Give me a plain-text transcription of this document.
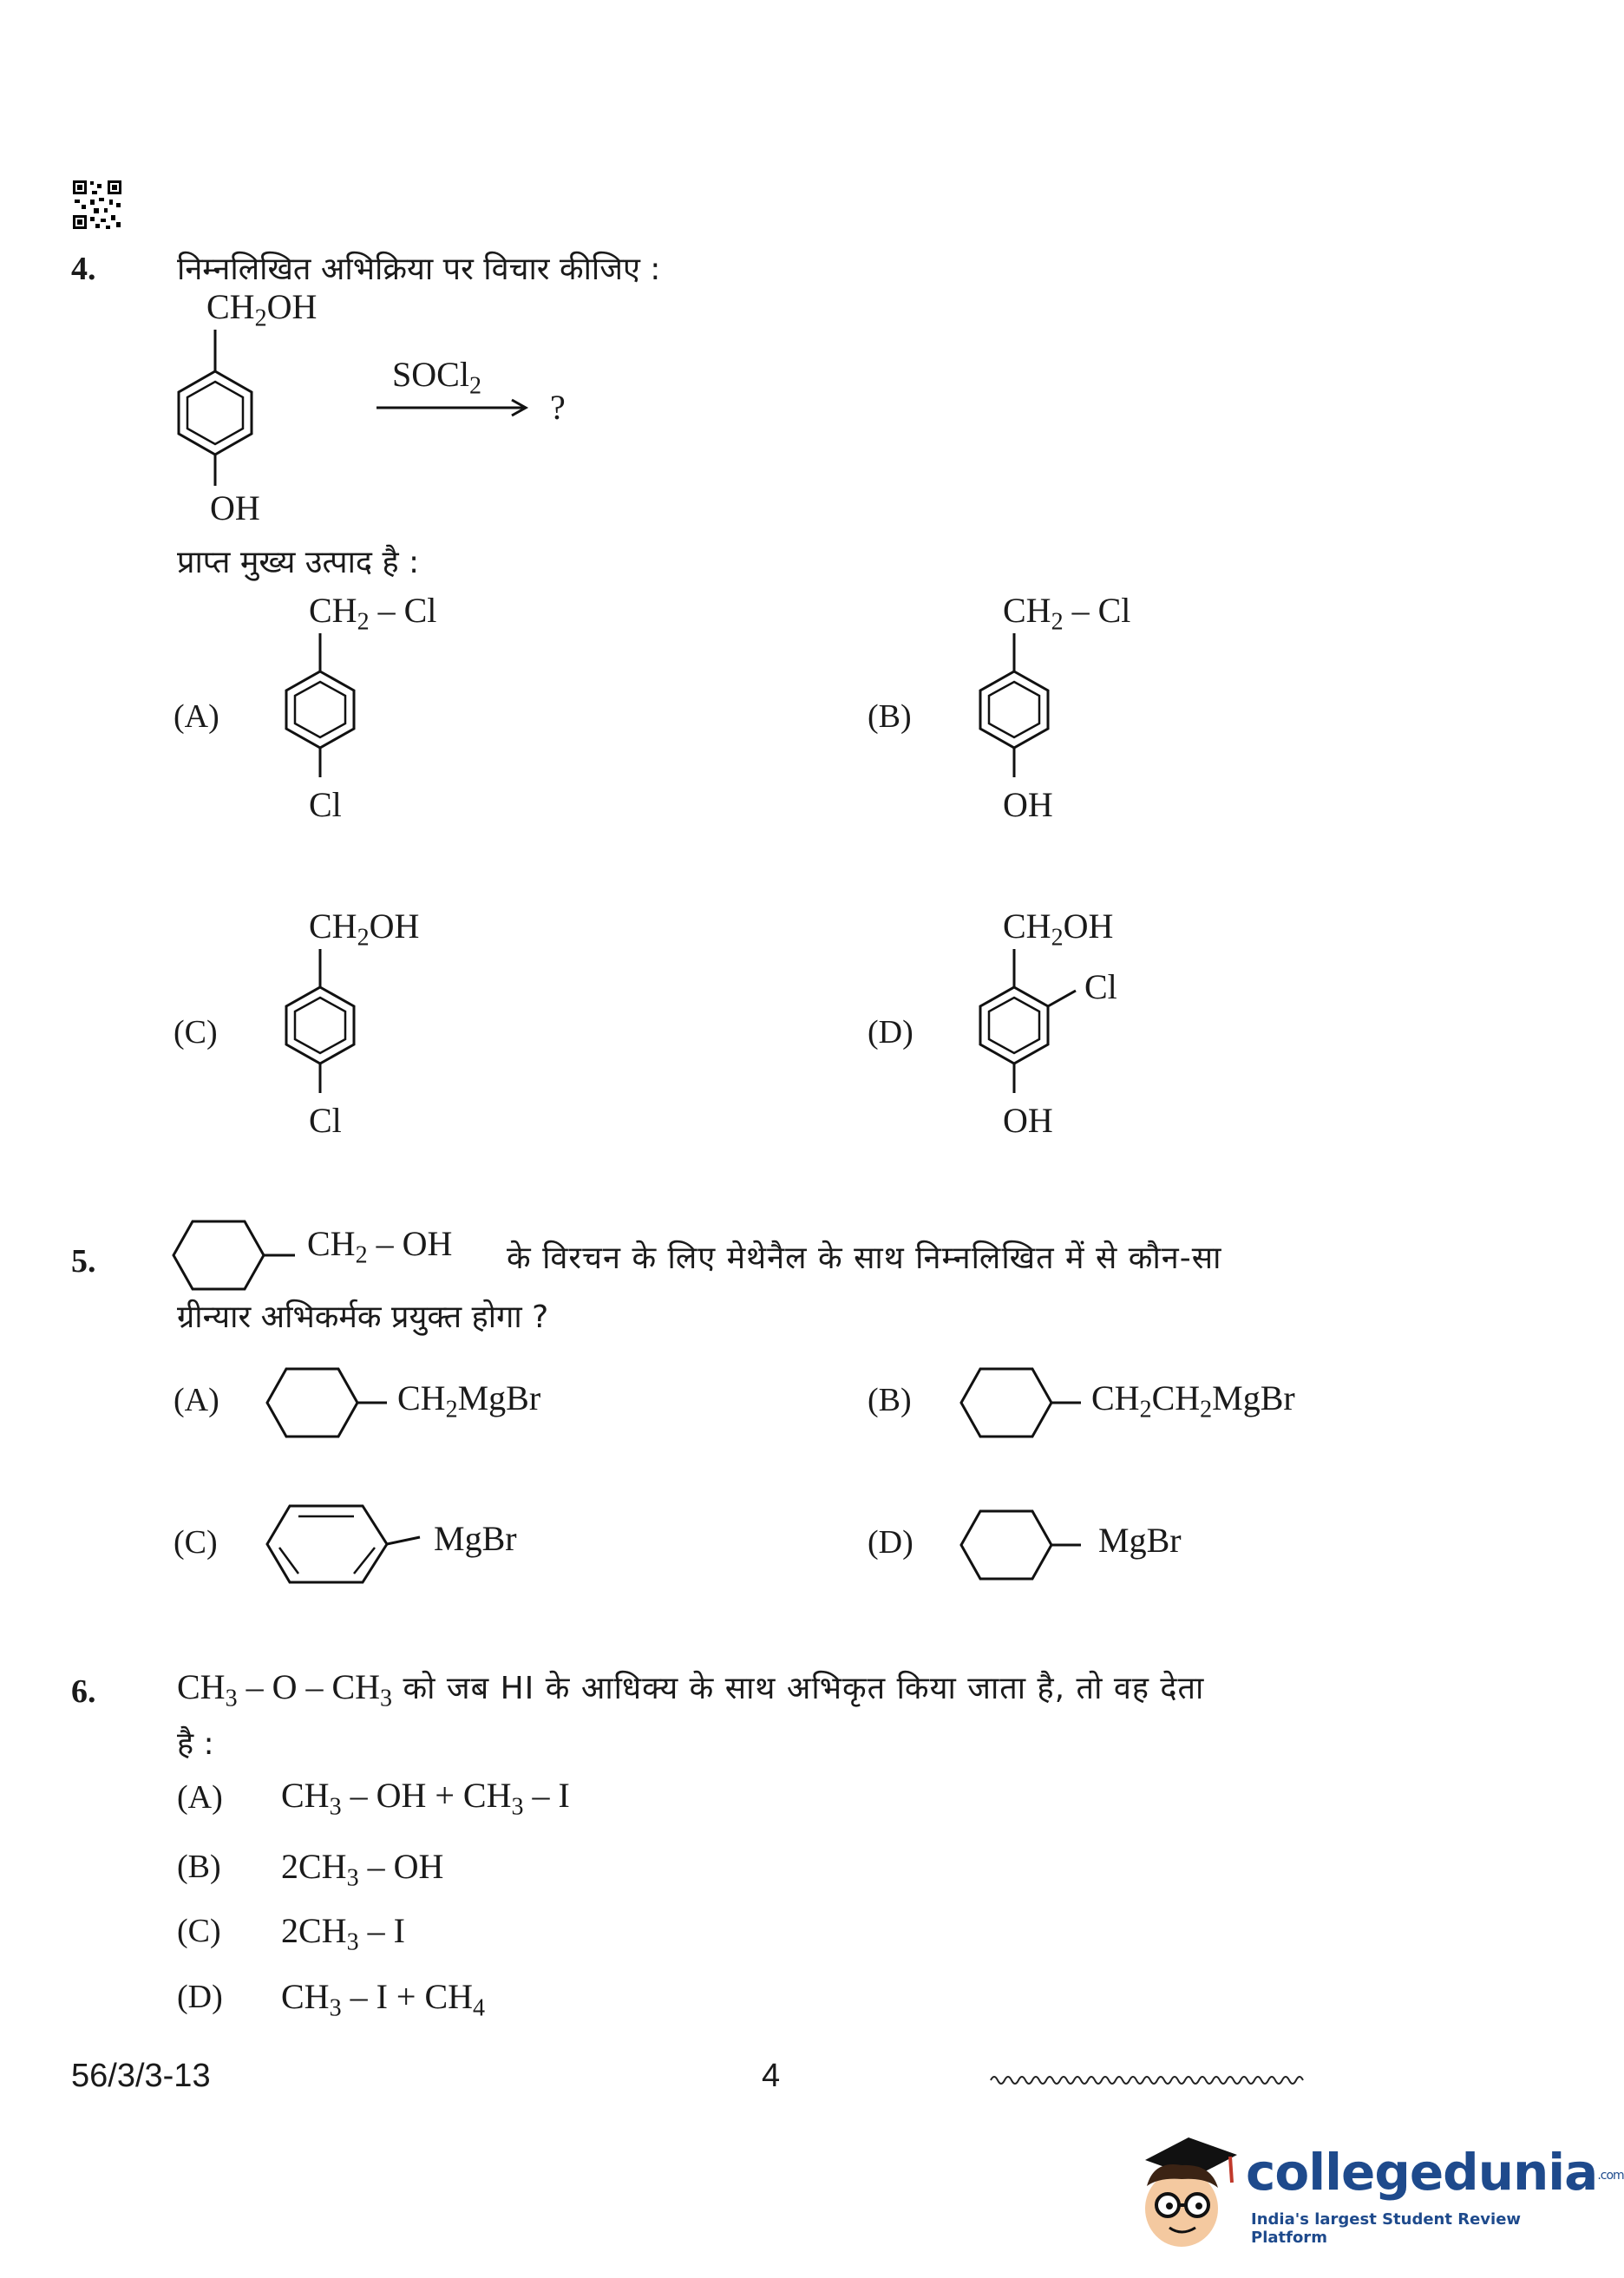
4.	निम्नलिखित अभिक्रिया पर विचार कीजिए :
$CH_2OH$
OH
SOCl$_2$
?
प्राप्त मुख्य उत्पाद है :
(A)
$CH_2$ – Cl
Cl
(B)
$CH_2$ – Cl
OH
(C)
$CH_2OH$
Cl
(D)
$CH_2OH$
Cl
OH
5.	$CH_2$ – OH के विरचन के लिए मेथेनैल के साथ निम्नलिखित में से कौन-सा
ग्रीन्यार अभिकर्मक प्रयुक्त होगा ?
(A)	$CH_2MgBr$	(B)	$CH_2CH_2MgBr$
(C)	MgBr	(D)	MgBr
6. $CH_3$ – O – $CH_3$ को जब HI के आधिक्य के साथ अभिकृत किया जाता है, तो वह देता
है :
(A) $CH_3$ – OH + $CH_3$ – I
(B) $2CH_3$ – OH
(C) $2CH_3$ – I
(D) $CH_3 - I + CH_4$
56/3/3-13	4
collegedunia.com
India's largest Student Review Platform
